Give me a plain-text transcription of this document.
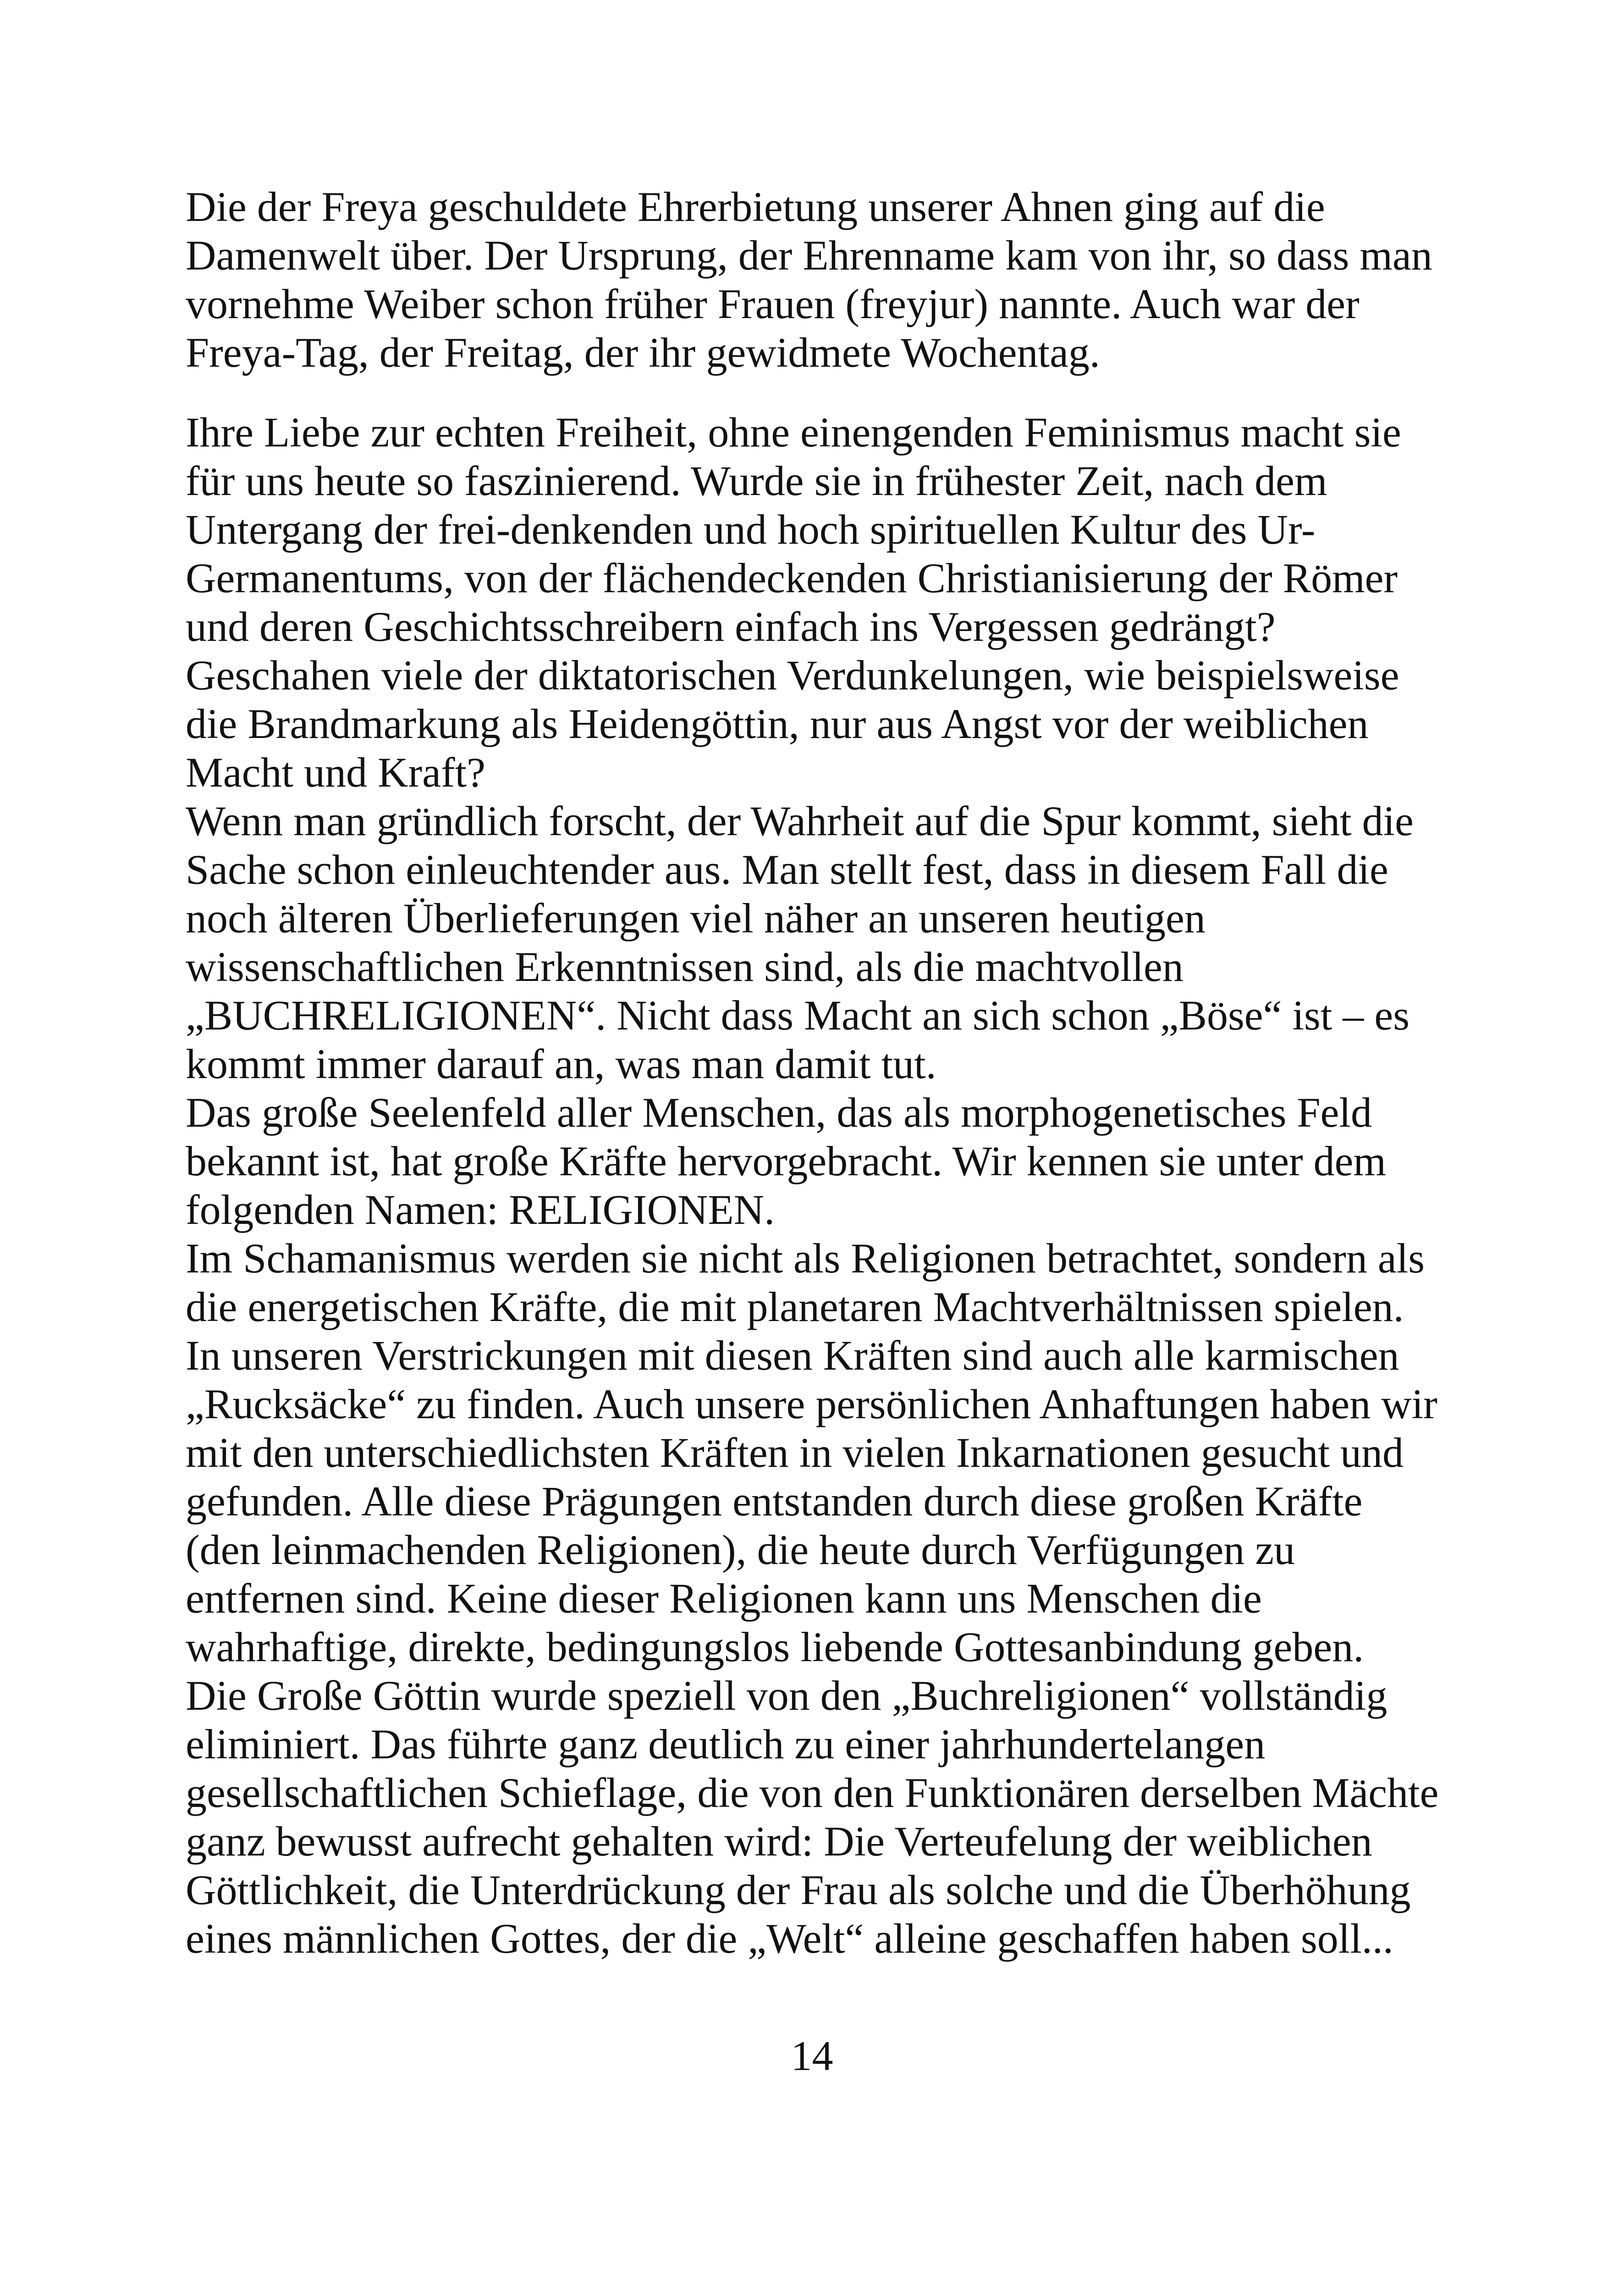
Die der Freya geschuldete Ehrerbietung unserer Ahnen ging auf die
Damenwelt über. Der Ursprung, der Ehrenname kam von ihr, so dass man
vornehme Weiber schon früher Frauen (freyjur) nannte. Auch war der
Freya-Tag, der Freitag, der ihr gewidmete Wochentag.

Ihre Liebe zur echten Freiheit, ohne einengenden Feminismus macht sie
für uns heute so faszinierend. Wurde sie in frühester Zeit, nach dem
Untergang der frei-denkenden und hoch spirituellen Kultur des Ur-
Germanentums, von der flächendeckenden Christianisierung der Römer
und deren Geschichtsschreibern einfach ins Vergessen gedrängt?
Geschahen viele der diktatorischen Verdunkelungen, wie beispielsweise
die Brandmarkung als Heidengöttin, nur aus Angst vor der weiblichen
Macht und Kraft?

Wenn man gründlich forscht, der Wahrheit auf die Spur kommt, sieht die
Sache schon einleuchtender aus. Man stellt fest, dass in diesem Fall die
noch älteren Überlieferungen viel näher an unseren heutigen
wissenschaftlichen Erkenntnissen sind, als die machtvollen
„BUCHRELIGIONEN“. Nicht dass Macht an sich schon „Böse“ ist – es
kommt immer darauf an, was man damit tut.

Das große Seelenfeld aller Menschen, das als morphogenetisches Feld
bekannt ist, hat große Kräfte hervorgebracht. Wir kennen sie unter dem
folgenden Namen: RELIGIONEN.

Im Schamanismus werden sie nicht als Religionen betrachtet, sondern als
die energetischen Kräfte, die mit planetaren Machtverhältnissen spielen.
In unseren Verstrickungen mit diesen Kräften sind auch alle karmischen
„Rucksäcke“ zu finden. Auch unsere persönlichen Anhaftungen haben wir
mit den unterschiedlichsten Kräften in vielen Inkarnationen gesucht und
gefunden. Alle diese Prägungen entstanden durch diese großen Kräfte
(den leinmachenden Religionen), die heute durch Verfügungen zu
entfernen sind. Keine dieser Religionen kann uns Menschen die
wahrhaftige, direkte, bedingungslos liebende Gottesanbindung geben.

Die Große Göttin wurde speziell von den „Buchreligionen“ vollständig
eliminiert. Das führte ganz deutlich zu einer jahrhundertelangen
gesellschaftlichen Schieflage, die von den Funktionären derselben Mächte
ganz bewusst aufrecht gehalten wird: Die Verteufelung der weiblichen
Göttlichkeit, die Unterdrückung der Frau als solche und die Überhöhung
eines männlichen Gottes, der die „Welt“ alleine geschaffen haben soll...

14
